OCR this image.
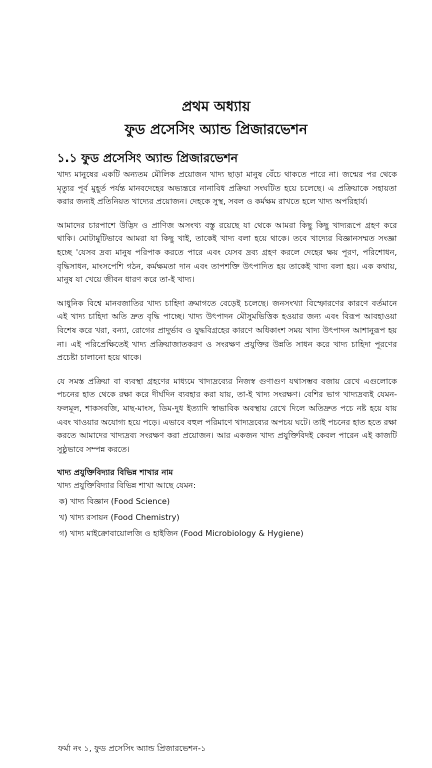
প্রথম অধ্যায়
ফুড প্রসেসিং অ্যান্ড প্রিজারভেশন
১.১ ফুড প্রসেসিং অ্যান্ড প্রিজারভেশন

খাদ্য মানুষের একটি অন্যতম মৌলিক প্রয়োজন খাদ্য ছাড়া মানুষ বেঁচে থাকতে পারে না। জন্মের পর থেকে মৃত্যুর পূর্ব মুহূর্ত পর্যন্ত মানবদেহের অভ্যন্তরে নানাবিধ প্রক্রিয়া সংঘটিত হয়ে চলেছে। এ প্রক্রিয়াকে সহায়তা করার জন্যই প্রতিনিয়ত খাদ্যের প্রয়োজন। দেহকে সুস্থ, সবল ও কর্মক্ষম রাখতে হলে খাদ্য অপরিহার্য।

আমাদের চারপাশে উদ্ভিদ ও প্রাণিজ অসংখ্য বস্তু রয়েছে যা থেকে আমরা কিছু কিছু খাদ্যরূপে গ্রহণ করে থাকি। মোটামুটিভাবে আমরা যা কিছু খাই, তাকেই খাদ্য বলা হয়ে থাকে। তবে খাদ্যের বিজ্ঞানসম্মত সংজ্ঞা হচ্ছে 'যেসব দ্রব্য মানুষ পরিপাক করতে পারে এবং যেসব দ্রব্য গ্রহণ করলে দেহের ক্ষয় পূরণ, পরিশোধন, বৃদ্ধিসাধন, মাংসপেশি গঠন, কর্মক্ষমতা দান এবং তাপশক্তি উৎপাদিত হয় তাকেই খাদ্য বলা হয়। এক কথায়, মানুষ যা খেয়ে জীবন ধারণ করে তা-ই খাদ্য।

আধুনিক বিশ্বে মানবজাতির খাদ্য চাহিদা ক্রমাগতে বেড়েই চলেছে। জনসংখ্যা বিস্ফোরণের কারণে বর্তমানে এই খাদ্য চাহিদা অতি দ্রুত বৃদ্ধি পাচ্ছে। খাদ্য উৎপাদন মৌসুমভিত্তিক হওয়ার জন্য এবং বিরূপ আবহাওয়া বিশেষ করে খরা, বন্যা, রোগের প্রাদুর্ভাব ও যুদ্ধবিগ্রহের কারণে অধিকাংশ সময় খাদ্য উৎপাদন আশানুরূপ হয় না। এই পরিপ্রেক্ষিতেই খাদ্য প্রক্রিয়াজাতকরণ ও সংরক্ষণ প্রযুক্তির উন্নতি সাধন করে খাদ্য চাহিদা পূরণের প্রচেষ্টা চালানো হয়ে থাকে।

যে সমস্ত প্রক্রিয়া বা ব্যবস্থা গ্রহণের মাধ্যমে খাদ্যদ্রব্যের নিজস্ব গুণাগুণ যথাসম্ভব বজায় রেখে এগুলোকে পচনের হাত থেকে রক্ষা করে দীর্ঘদিন ব্যবহার করা যায়, তা-ই খাদ্য সংরক্ষণ। বেশির ভাগ খাদ্যদ্রব্যই যেমন-ফলমূল, শাকসবজি, মাছ-মাংস, ডিম-দুধ ইত্যাদি স্বাভাবিক অবস্থায় রেখে দিলে অতিদ্রুত পচে নষ্ট হয়ে যায় এবং খাওয়ার অযোগ্য হয়ে পড়ে। এভাবে বহুল পরিমাণে খাদ্যদ্রব্যের অপচয় ঘটে। তাই পচনের হাত হতে রক্ষা করতে আমাদের খাদ্যদ্রব্য সংরক্ষণ করা প্রয়োজন। আর একজন খাদ্য প্রযুক্তিবিদই কেবল পারেন এই কাজটি সুষ্ঠুভাবে সম্পন্ন করতে।

খাদ্য প্রযুক্তিবিদ্যার বিভিন্ন শাখার নাম
খাদ্য প্রযুক্তিবিদ্যার বিভিন্ন শাখা আছে যেমন:
ক) খাদ্য বিজ্ঞান (Food Science)
খ) খাদ্য রসায়ন (Food Chemistry)
গ) খাদ্য মাইক্রোবায়োলজি ও হাইজিন (Food Microbiology & Hygiene)
ফর্মা নং ১, ফুড প্রসেসিং অ্যান্ড প্রিজারভেশন-১
